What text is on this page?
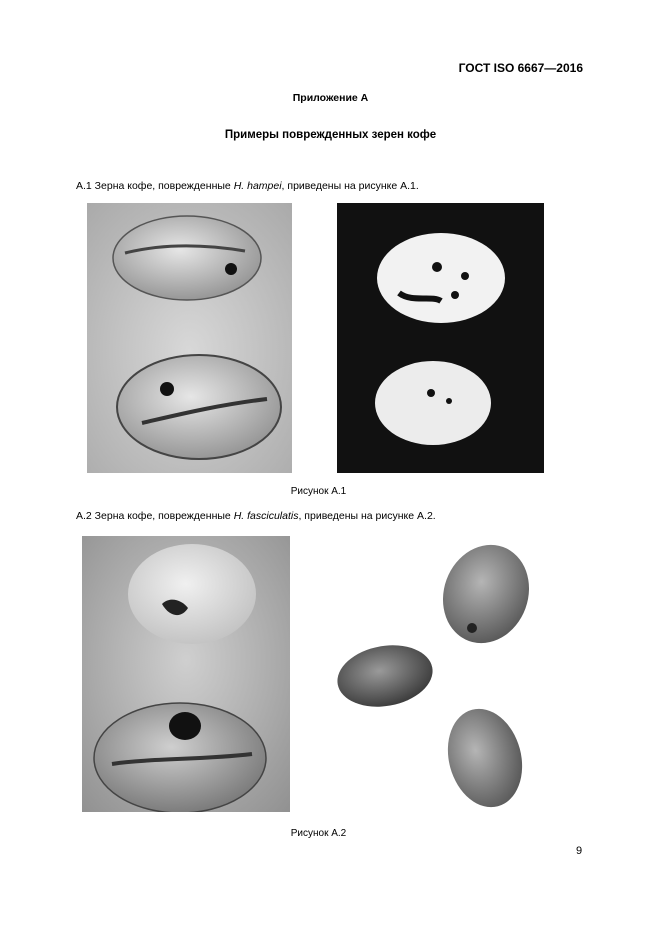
ГОСТ ISO 6667—2016
Приложение А
Примеры поврежденных зерен кофе
А.1 Зерна кофе, поврежденные H. hampei, приведены на рисунке А.1.
Рисунок А.1
А.2 Зерна кофе, поврежденные H. fasciculatis, приведены на рисунке А.2.
Рисунок А.2
9
